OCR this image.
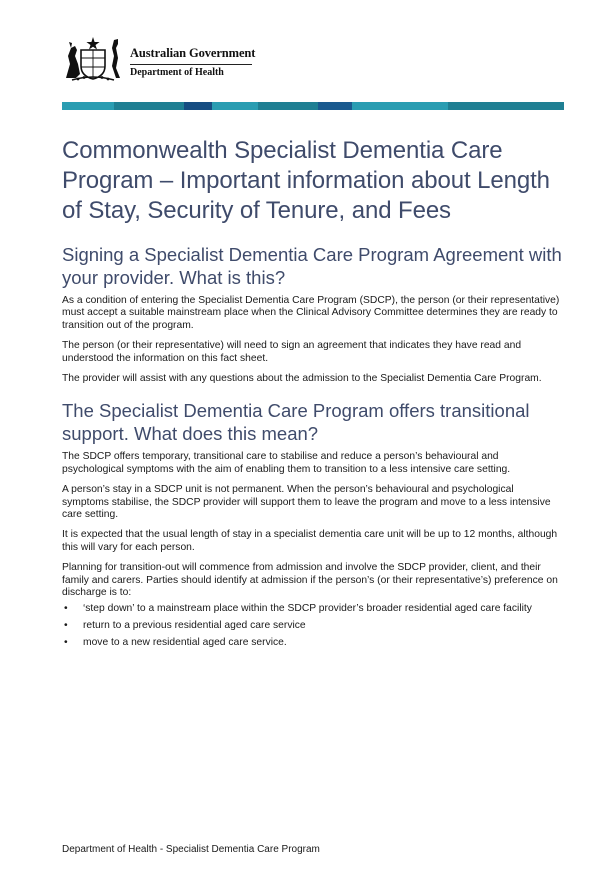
Australian Government
Department of Health
Commonwealth Specialist Dementia Care Program – Important information about Length of Stay, Security of Tenure, and Fees
Signing a Specialist Dementia Care Program Agreement with your provider. What is this?

As a condition of entering the Specialist Dementia Care Program (SDCP), the person (or their representative) must accept a suitable mainstream place when the Clinical Advisory Committee determines they are ready to transition out of the program.

The person (or their representative) will need to sign an agreement that indicates they have read and understood the information on this fact sheet.

The provider will assist with any questions about the admission to the Specialist Dementia Care Program.

The Specialist Dementia Care Program offers transitional support. What does this mean?

The SDCP offers temporary, transitional care to stabilise and reduce a person’s behavioural and psychological symptoms with the aim of enabling them to transition to a less intensive care setting.

A person’s stay in a SDCP unit is not permanent. When the person’s behavioural and psychological symptoms stabilise, the SDCP provider will support them to leave the program and move to a less intensive care setting.

It is expected that the usual length of stay in a specialist dementia care unit will be up to 12 months, although this will vary for each person.

Planning for transition-out will commence from admission and involve the SDCP provider, client, and their family and carers. Parties should identify at admission if the person’s (or their representative’s) preference on discharge is to:

• ‘step down’ to a mainstream place within the SDCP provider’s broader residential aged care facility
• return to a previous residential aged care service
• move to a new residential aged care service.
Department of Health - Specialist Dementia Care Program
